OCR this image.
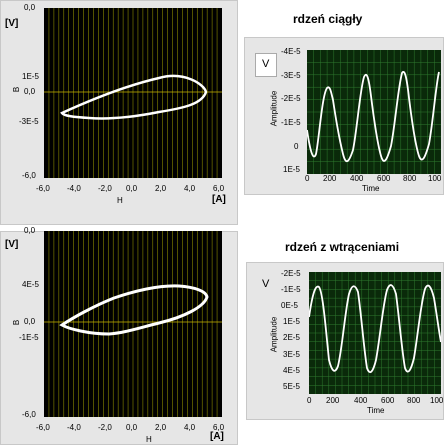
[V]
[A]
B
H
0,0
1E-5
0,0
-3E-5
-6,0
-6,0 -4,0 -2,0 0,0 2,0 4,0 6,0
rdzeń ciągły
V
Amplitude
Time
-4E-5
-3E-5
-2E-5
-1E-5
0
1E-5
0 200 400 600 800 100
[V]
[A]
B
H
0,0
4E-5
0,0
-1E-5
-6,0
-6,0 -4,0 -2,0 0,0 2,0 4,0 6,0
rdzeń z wtrąceniami
V
Amplitude
Time
-2E-5
-1E-5
0E-5
1E-5
2E-5
3E-5
4E-5
5E-5
0 200 400 600 800 100
